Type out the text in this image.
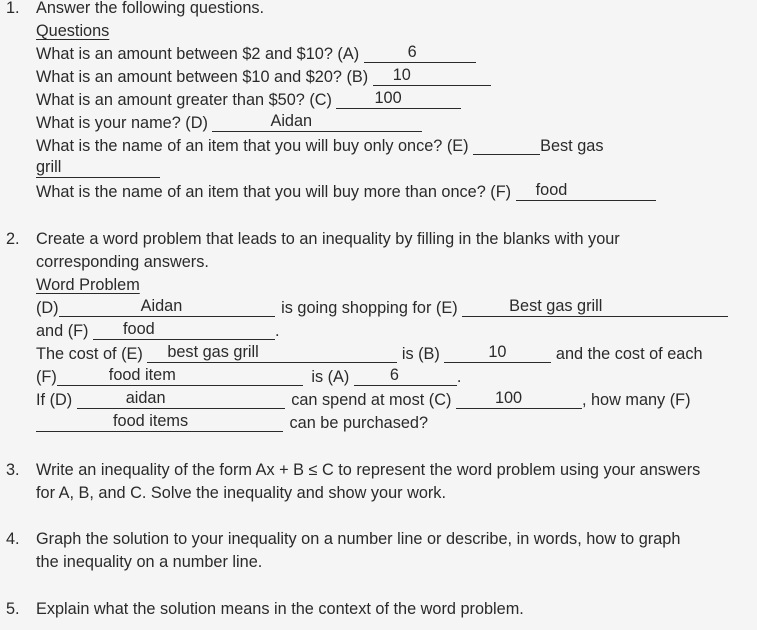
1. Answer the following questions.
Questions
What is an amount between $2 and $10? (A)	6
What is an amount between $10 and $20? (B) 10
What is an amount greater than $50? (C)	100
What is your name? (D)	Aidan
What is the name of an item that you will buy only once? (E)	Best gas
grill
What is the name of an item that you will buy more than once? (F) food
2. Create a word problem that leads to an inequality by filling in the blanks with your
corresponding answers.
Word Problem
(D)	Aidan	is going shopping for (E)	Best gas grill
and (F) food	.
The cost of (E) best gas grill	is (B)	10	and the cost of each
(F)	food item	is (A) 6	.
If (D)	aidan	can spend at most (C)	100	, how many (F)
food items	can be purchased?
3. Write an inequality of the form Ax + B ≤ C to represent the word problem using your answers
for A, B, and C. Solve the inequality and show your work.
4. Graph the solution to your inequality on a number line or describe, in words, how to graph
the inequality on a number line.
5. Explain what the solution means in the context of the word problem.
